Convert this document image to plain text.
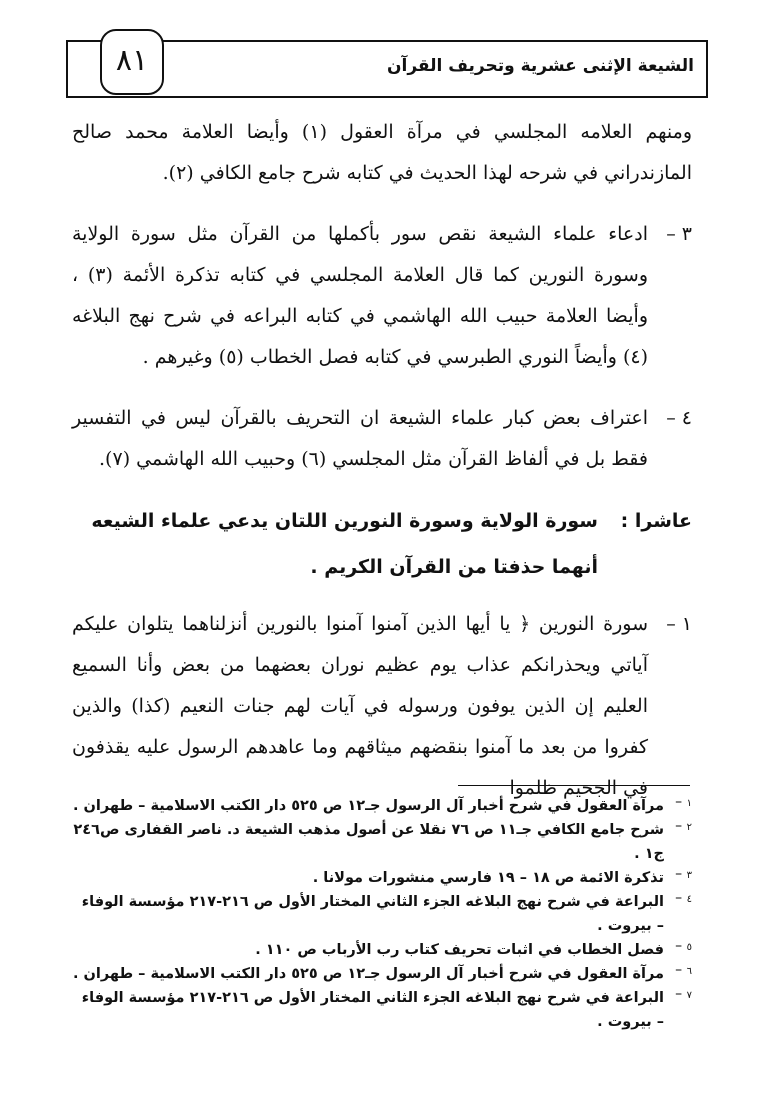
الشيعة الإثنى عشرية وتحريف القرآن
٨١
ومنهم العلامه المجلسي في مرآة العقول (١) وأيضا العلامة محمد صالح المازندراني في شرحه لهذا الحديث في كتابه شرح جامع الكافي (٢).
٣ –
ادعاء علماء الشيعة نقص سور بأكملها من القرآن مثل سورة الولاية وسورة النورين كما قال العلامة المجلسي في كتابه تذكرة الأئمة (٣) ، وأيضا العلامة حبيب الله الهاشمي في كتابه البراعه في شرح نهج البلاغه (٤) وأيضاً النوري الطبرسي في كتابه فصل الخطاب (٥) وغيرهم .
٤ –
اعتراف بعض كبار علماء الشيعة ان التحريف بالقرآن ليس في التفسير فقط بل في ألفاظ القرآن مثل المجلسي (٦) وحبيب الله الهاشمي (٧).
عاشرا :
سورة الولاية وسورة النورين اللتان يدعي علماء الشيعه أنهما حذفتا من القرآن الكريم .
١ –
سورة النورين ﴿ يا أيها الذين آمنوا آمنوا بالنورين أنزلناهما يتلوان عليكم آياتي ويحذرانكم عذاب يوم عظيم نوران بعضهما من بعض وأنا السميع العليم إن الذين يوفون ورسوله في آيات لهم جنات النعيم (كذا) والذين كفروا من بعد ما آمنوا بنقضهم ميثاقهم وما عاهدهم الرسول عليه يقذفون في الجحيم ظلموا
١ –
مرآة العقول في شرح أخبار آل الرسول جـ١٢ ص ٥٢٥ دار الكتب الاسلامية – طهران .
٢ –
شرح جامع الكافي جـ١١ ص ٧٦ نقلا عن أصول مذهب الشيعة د. ناصر القفارى ص٢٤٦ ج١ .
٣ –
تذكرة الائمة ص ١٨ – ١٩ فارسي منشورات مولانا .
٤ –
البراعة في شرح نهج البلاغه الجزء الثاني المختار الأول ص ٢١٦-٢١٧ مؤسسة الوفاء – بيروت .
٥ –
فصل الخطاب في اثبات تحريف كتاب رب الأرباب ص ١١٠ .
٦ –
مرآة العقول في شرح أخبار آل الرسول جـ١٢ ص ٥٢٥ دار الكتب الاسلامية – طهران .
٧ –
البراعة في شرح نهج البلاغه الجزء الثاني المختار الأول ص ٢١٦-٢١٧ مؤسسة الوفاء – بيروت .
